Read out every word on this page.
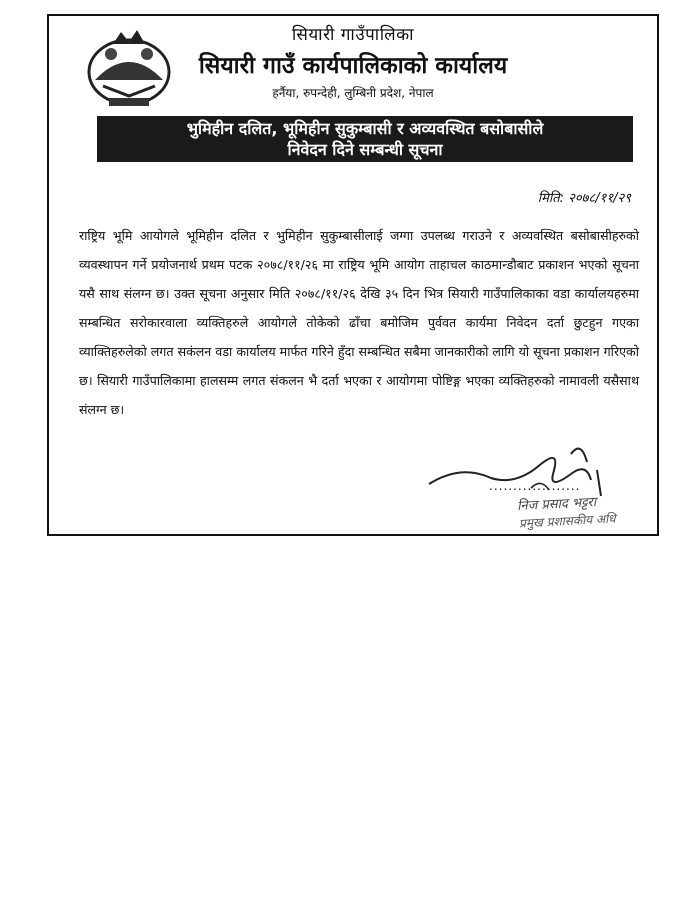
सियारी गाउँपालिका
सियारी गाउँ कार्यपालिकाको कार्यालय
हर्नैया, रुपन्देही, लुम्बिनी प्रदेश, नेपाल
भुमिहीन दलित, भूमिहीन सुकुम्बासी र अव्यवस्थित बसोबासीले
निवेदन दिने सम्बन्धी सूचना
मिति: २०७८/११/२९
राष्ट्रिय भूमि आयोगले भूमिहीन दलित र भुमिहीन सुकुम्बासीलाई जग्गा उपलब्ध गराउने र अव्यवस्थित बसोबासीहरुको व्यवस्थापन गर्ने प्रयोजनार्थ प्रथम पटक २०७८/११/२६ मा राष्ट्रिय भूमि आयोग ताहाचल काठमान्डौबाट प्रकाशन भएको सूचना यसै साथ संलग्न छ। उक्त सूचना अनुसार मिति २०७८/११/२६ देखि ३५ दिन भित्र सियारी गाउँपालिकाका वडा कार्यालयहरुमा सम्बन्धित सरोकारवाला व्यक्तिहरुले आयोगले तोकेको ढाँचा बमोजिम पुर्ववत कार्यमा निवेदन दर्ता छुटहुन गएका व्याक्तिहरुलेको लगत सकंलन वडा कार्यालय मार्फत गरिने हुँदा सम्बन्धित सबैमा जानकारीको लागि यो सूचना प्रकाशन गरिएको छ। सियारी गाउँपालिकामा हालसम्म लगत संकलन भै दर्ता भएका र आयोगमा पोष्टिङ्ग भएका व्यक्तिहरुको नामावली यसैसाथ संलग्न छ।
...................
निज प्रसाद भट्टरा
प्रमुख प्रशासकीय अधि
